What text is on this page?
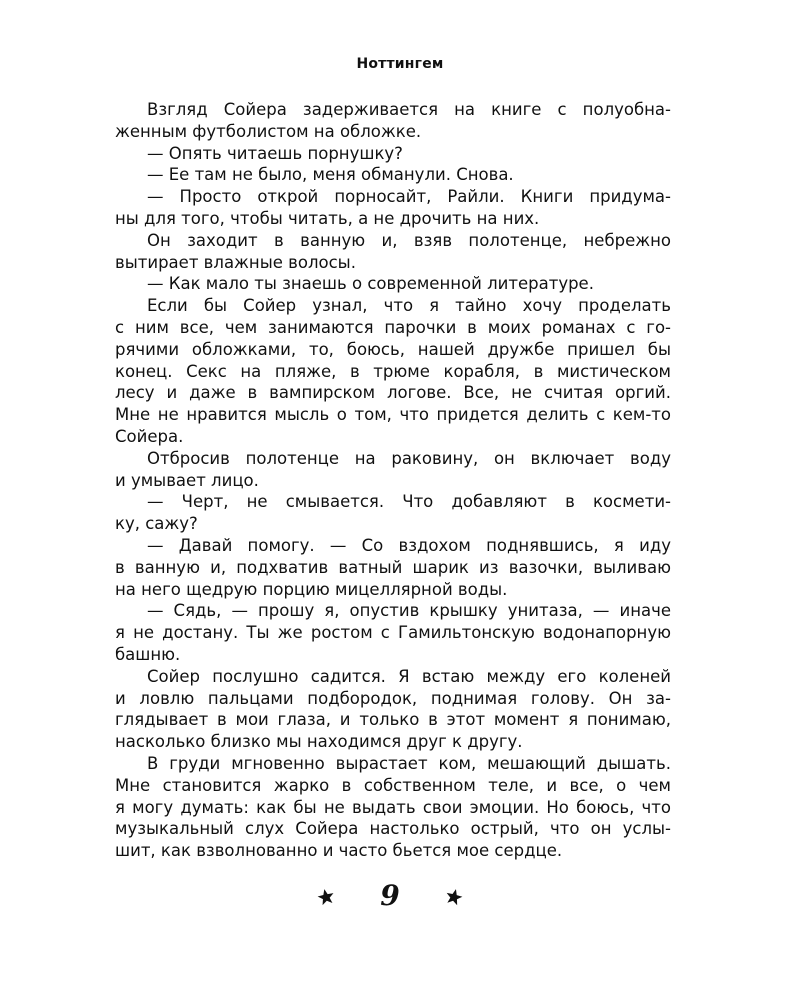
Ноттингем
Взгляд Сойера задерживается на книге с полуобна-
женным футболистом на обложке.
— Опять читаешь порнушку?
— Ее там не было, меня обманули. Снова.
— Просто открой порносайт, Райли. Книги придума-
ны для того, чтобы читать, а не дрочить на них.
Он заходит в ванную и, взяв полотенце, небрежно
вытирает влажные волосы.
— Как мало ты знаешь о современной литературе.
Если бы Сойер узнал, что я тайно хочу проделать
с ним все, чем занимаются парочки в моих романах с го-
рячими обложками, то, боюсь, нашей дружбе пришел бы
конец. Секс на пляже, в трюме корабля, в мистическом
лесу и даже в вампирском логове. Все, не считая оргий.
Мне не нравится мысль о том, что придется делить с кем-то
Сойера.
Отбросив полотенце на раковину, он включает воду
и умывает лицо.
— Черт, не смывается. Что добавляют в космети-
ку, сажу?
— Давай помогу. — Со вздохом поднявшись, я иду
в ванную и, подхватив ватный шарик из вазочки, выливаю
на него щедрую порцию мицеллярной воды.
— Сядь, — прошу я, опустив крышку унитаза, — иначе
я не достану. Ты же ростом с Гамильтонскую водонапорную
башню.
Сойер послушно садится. Я встаю между его коленей
и ловлю пальцами подбородок, поднимая голову. Он за-
глядывает в мои глаза, и только в этот момент я понимаю,
насколько близко мы находимся друг к другу.
В груди мгновенно вырастает ком, мешающий дышать.
Мне становится жарко в собственном теле, и все, о чем
я могу думать: как бы не выдать свои эмоции. Но боюсь, что
музыкальный слух Сойера настолько острый, что он услы-
шит, как взволнованно и часто бьется мое сердце.
9
